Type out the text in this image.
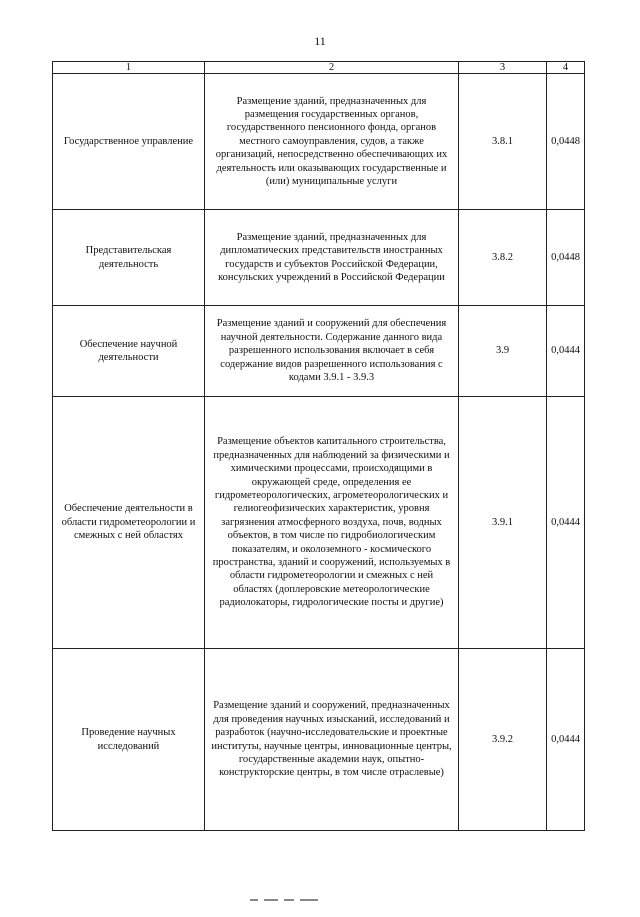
11
1	2	3	4
Государственное управление	Размещение зданий, предназначенных для размещения государственных органов, государственного пенсионного фонда, органов местного самоуправления, судов, а также организаций, непосредственно обеспечивающих их деятельность или оказывающих государственные и (или) муниципальные услуги	3.8.1	0,0448
Представительская деятельность	Размещение зданий, предназначенных для дипломатических представительств иностранных государств и субъектов Российской Федерации, консульских учреждений в Российской Федерации	3.8.2	0,0448
Обеспечение научной деятельности	Размещение зданий и сооружений для обеспечения научной деятельности. Содержание данного вида разрешенного использования включает в себя содержание видов разрешенного использования с кодами 3.9.1 - 3.9.3	3.9	0,0444
Обеспечение деятельности в области гидрометеорологии и смежных с ней областях	Размещение объектов капитального строительства, предназначенных для наблюдений за физическими и химическими процессами, происходящими в окружающей среде, определения ее гидрометеорологических, агрометеорологических и гелиогеофизических характеристик, уровня загрязнения атмосферного воздуха, почв, водных объектов, в том числе по гидробиологическим показателям, и околоземного - космического пространства, зданий и сооружений, используемых в области гидрометеорологии и смежных с ней областях (доплеровские метеорологические радиолокаторы, гидрологические посты и другие)	3.9.1	0,0444
Проведение научных исследований	Размещение зданий и сооружений, предназначенных для проведения научных изысканий, исследований и разработок (научно-исследовательские и проектные институты, научные центры, инновационные центры, государственные академии наук, опытно-конструкторские центры, в том числе отраслевые)	3.9.2	0,0444
